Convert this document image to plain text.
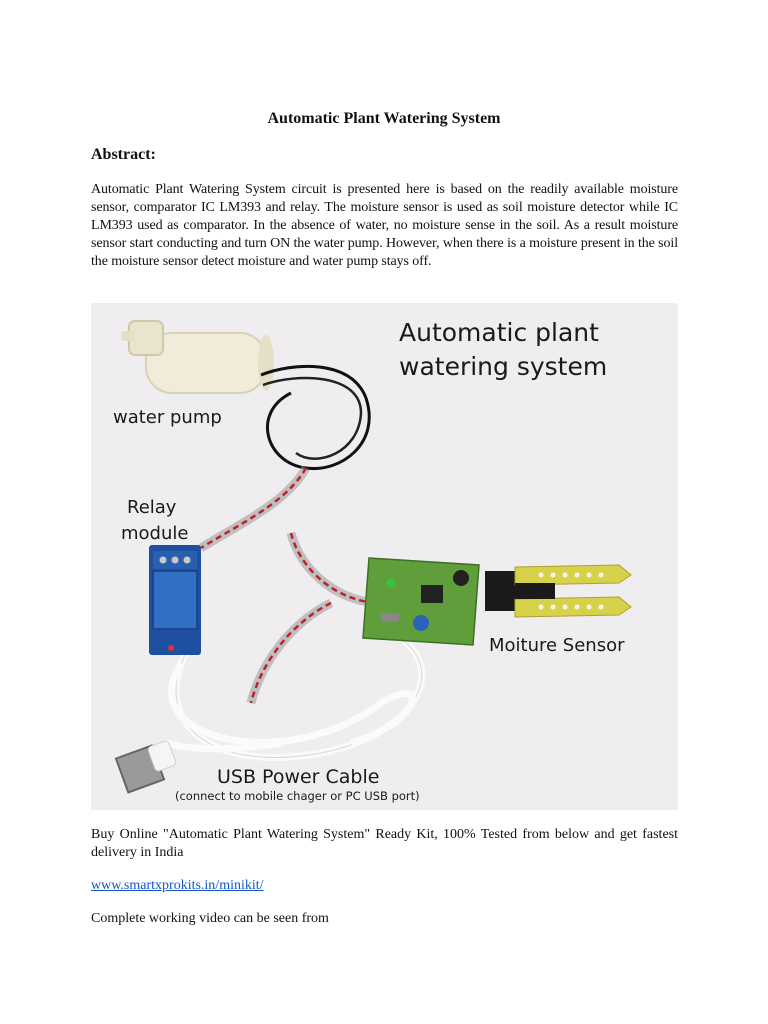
Automatic Plant Watering System
Abstract:
Automatic Plant Watering System circuit is presented here is based on the readily available moisture sensor, comparator IC LM393 and relay. The moisture sensor is used as soil moisture detector while IC LM393 used as comparator. In the absence of water, no moisture sense in the soil. As a result moisture sensor start conducting and turn ON the water pump. However, when there is a moisture present in the soil the moisture sensor detect moisture and water pump stays off.
Automatic plant
watering system
water pump
Relay
module
Moiture Sensor
USB Power Cable
(connect to mobile chager or PC USB port)
Buy Online "Automatic Plant Watering System" Ready Kit, 100% Tested from below and get fastest delivery in India
www.smartxprokits.in/minikit/
Complete working video can be seen from
